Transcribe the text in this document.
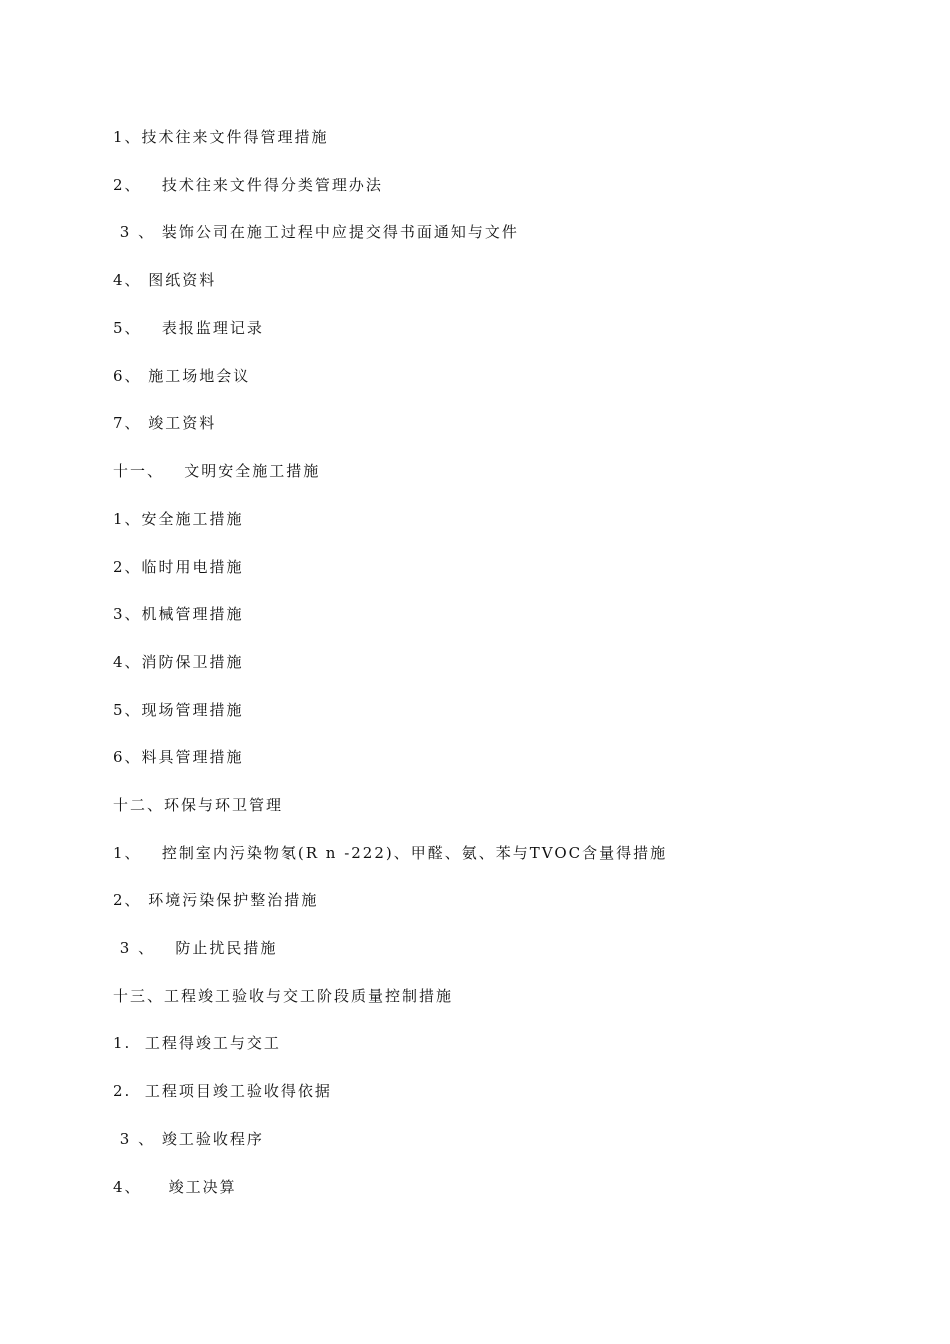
1、技术往来文件得管理措施
2、   技术往来文件得分类管理办法
3 、 装饰公司在施工过程中应提交得书面通知与文件
4、 图纸资料
5、   表报监理记录
6、 施工场地会议
7、 竣工资料
十一、   文明安全施工措施
1、安全施工措施
2、临时用电措施
3、机械管理措施
4、消防保卫措施
5、现场管理措施
6、料具管理措施
十二、环保与环卫管理
1、   控制室内污染物氡(R n -222)、甲醛、氨、苯与TVOC含量得措施
2、 环境污染保护整治措施
3 、   防止扰民措施
十三、工程竣工验收与交工阶段质量控制措施
1.  工程得竣工与交工
2.  工程项目竣工验收得依据
3 、 竣工验收程序
4、    竣工决算
